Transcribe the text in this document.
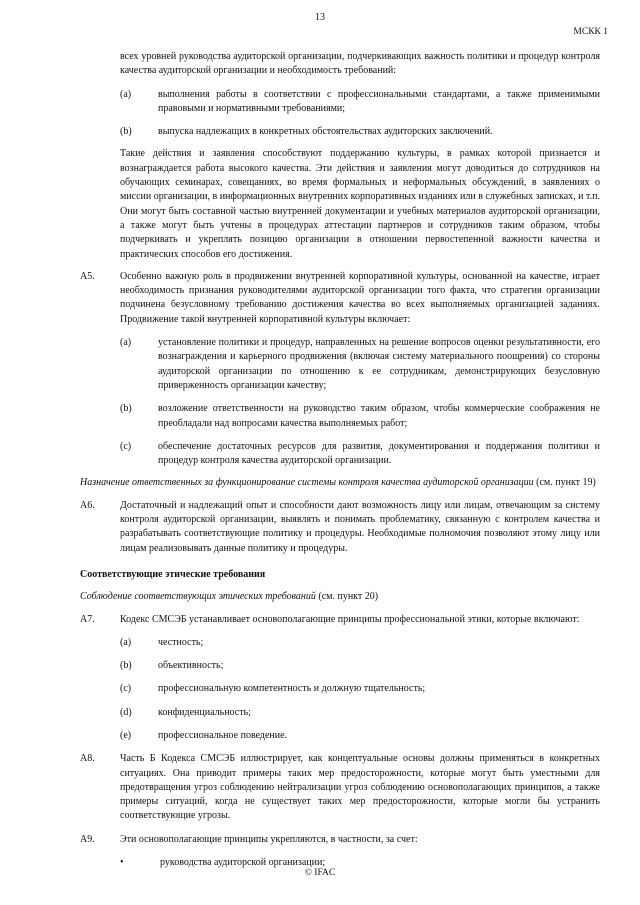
13
МСКК 1

всех уровней руководства аудиторской организации, подчеркивающих важность политики и процедур контроля качества аудиторской организации и необходимость требований:

(a)	выполнения работы в соответствии с профессиональными стандартами, а также применимыми правовыми и нормативными требованиями;
(b)	выпуска надлежащих в конкретных обстоятельствах аудиторских заключений.

Такие действия и заявления способствуют поддержанию культуры, в рамках которой признается и вознаграждается работа высокого качества. Эти действия и заявления могут доводиться до сотрудников на обучающих семинарах, совещаниях, во время формальных и неформальных обсуждений, в заявлениях о миссии организации, в информационных внутренних корпоративных изданиях или в служебных записках, и т.п. Они могут быть составной частью внутренней документации и учебных материалов аудиторской организации, а также могут быть учтены в процедурах аттестации партнеров и сотрудников таким образом, чтобы подчеркивать и укреплять позицию организации в отношении первостепенной важности качества и практических способов его достижения.

A5.	Особенно важную роль в продвижении внутренней корпоративной культуры, основанной на качестве, играет необходимость признания руководителями аудиторской организации того факта, что стратегия организации подчинена безусловному требованию достижения качества во всех выполняемых организацией заданиях. Продвижение такой внутренней корпоративной культуры включает:
(a)	установление политики и процедур, направленных на решение вопросов оценки результативности, его вознаграждения и карьерного продвижения (включая систему материального поощрения) со стороны аудиторской организации по отношению к ее сотрудникам, демонстрирующих безусловную приверженность организации качеству;
(b)	возложение ответственности на руководство таким образом, чтобы коммерческие соображения не преобладали над вопросами качества выполняемых работ;
(c)	обеспечение достаточных ресурсов для развития, документирования и поддержания политики и процедур контроля качества аудиторской организации.

Назначение ответственных за функционирование системы контроля качества аудиторской организации (см. пункт 19)

A6.	Достаточный и надлежащий опыт и способности дают возможность лицу или лицам, отвечающим за систему контроля аудиторской организации, выявлять и понимать проблематику, связанную с контролем качества и разрабатывать соответствующие политику и процедуры. Необходимые полномочия позволяют этому лицу или лицам реализовывать данные политику и процедуры.

Соответствующие этические требования

Соблюдение соответствующих этических требований (см. пункт 20)

A7.	Кодекс СМСЭБ устанавливает основополагающие принципы профессиональной этики, которые включают:
(a)	честность;
(b)	объективность;
(c)	профессиональную компетентность и должную тщательность;
(d)	конфиденциальность;
(e)	профессиональное поведение.
A8.	Часть Б Кодекса СМСЭБ иллюстрирует, как концептуальные основы должны применяться в конкретных ситуациях. Она приводит примеры таких мер предосторожности, которые могут быть уместными для предотвращения угроз соблюдению нейтрализации угроз соблюдению основополагающих принципов, а также примеры ситуаций, когда не существует таких мер предосторожности, которые могли бы устранить соответствующие угрозы.
A9.	Эти основополагающие принципы укрепляются, в частности, за счет:
•	руководства аудиторской организации;
© IFAC
